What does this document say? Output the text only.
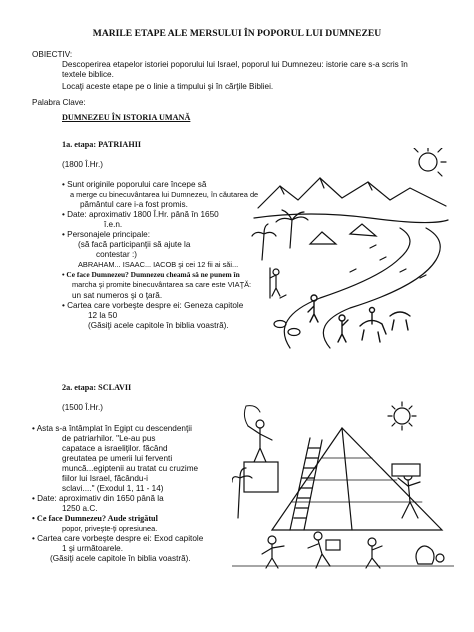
MARILE ETAPE ALE MERSULUI ÎN POPORUL LUI DUMNEZEU
OBIECTIV:
Descoperirea etapelor istoriei poporului lui Israel, poporul lui Dumnezeu: istorie care s-a scris în
textele biblice.
Locaţi aceste etape pe o linie a timpului şi în cărţile Bibliei.
Palabra Clave:
DUMNEZEU ÎN ISTORIA UMANĂ
1a. etapa: PATRIAHII
(1800 Î.Hr.)
• Sunt originile poporului care începe să
a merge cu binecuvântarea lui Dumnezeu, în căutarea de
pământul care i-a fost promis.
• Date: aproximativ 1800 Î.Hr. până în 1650
î.e.n.
• Personajele principale:
(să facă participanţii să ajute la
contestar :)
ABRAHAM... ISAAC... IACOB şi cei 12 fii ai săi...
• Ce face Dumnezeu? Dumnezeu cheamă să ne punem în
marcha şi promite binecuvântarea sa care este VIAŢĂ:
un sat numeros şi o ţară.
• Cartea care vorbeşte despre ei: Geneza capitole
12 la 50
(Găsiţi acele capitole în biblia voastră).
2a. etapa: SCLAVII
(1500 Î.Hr.)
• Asta s-a întâmplat în Egipt cu descendenţii
de patriarhilor. "Le-au pus
capatace a israeliţilor. făcând
greutatea pe umerii lui ferventi
muncă...egiptenii au tratat cu cruzime
fiilor lui Israel, făcându-i
sclavi...." (Exodul 1, 11 - 14)
• Date: aproximativ din 1650 până la
1250 a.C.
• Ce face Dumnezeu? Aude strigătul
popor, priveşte-ţi opresiunea.
• Cartea care vorbeşte despre ei: Exod capitole
1 şi următoarele.
(Găsiţi acele capitole în biblia voastră).
